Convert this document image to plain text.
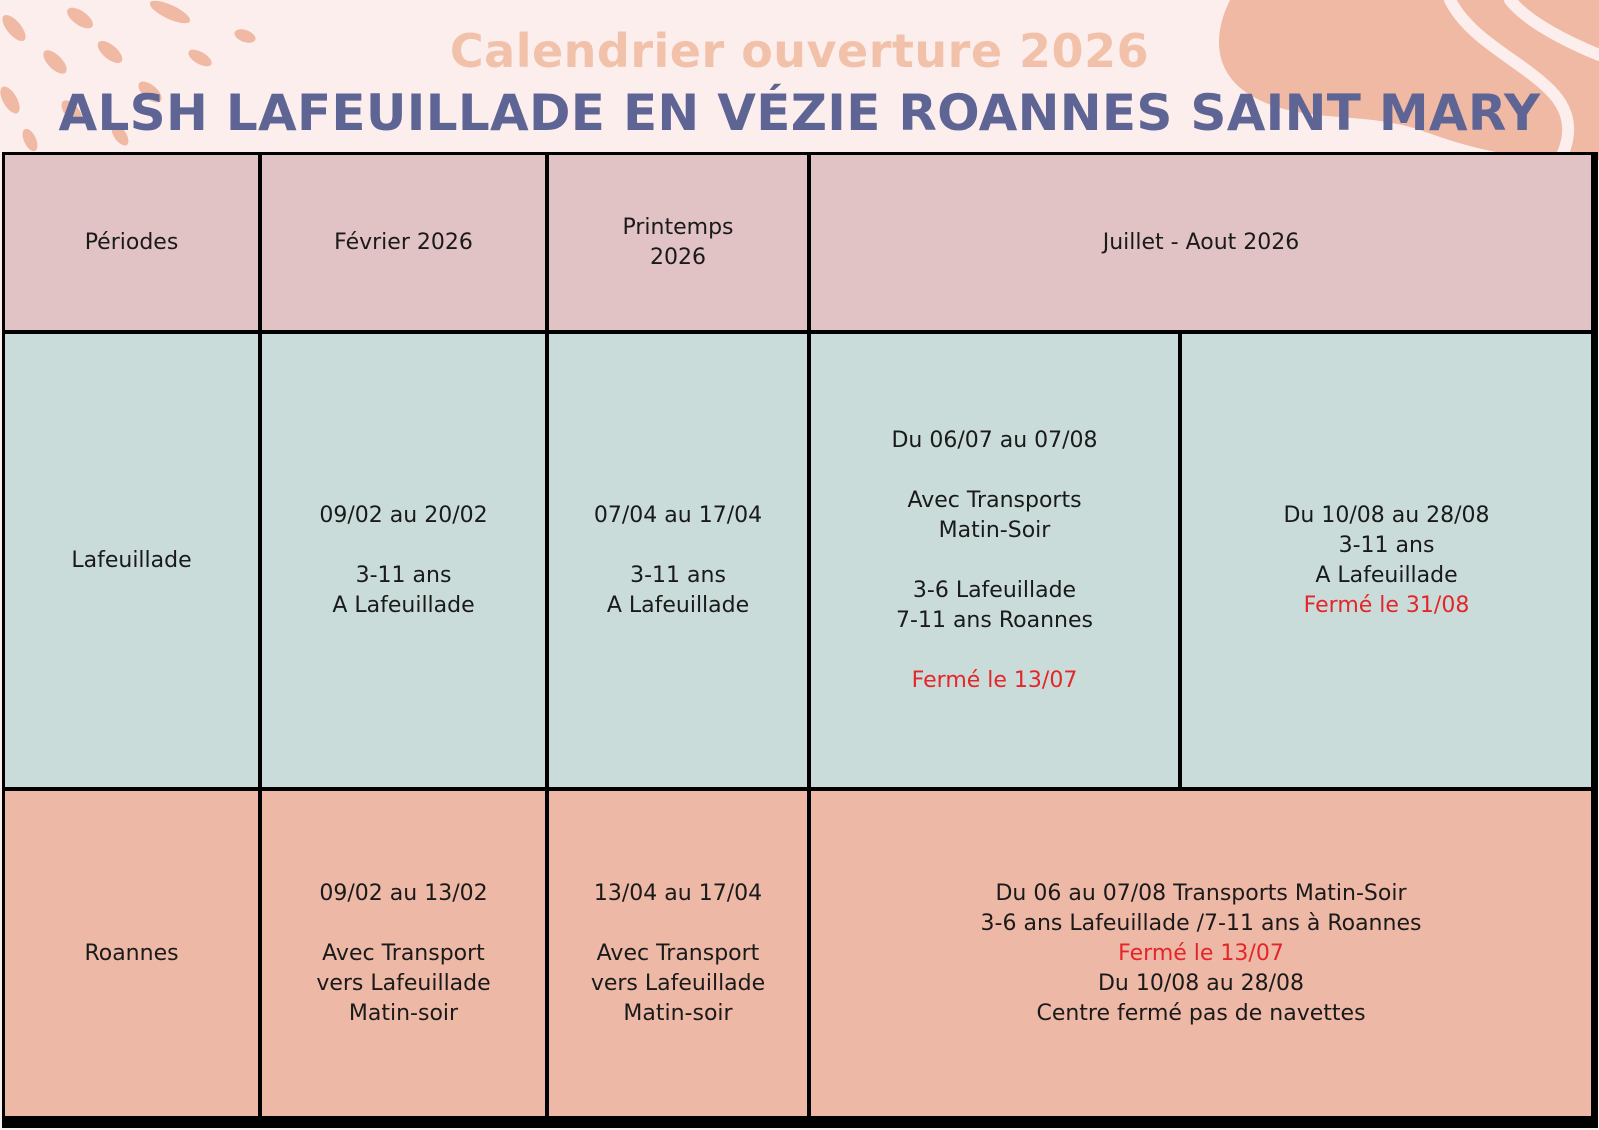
Calendrier ouverture 2026
ALSH LAFEUILLADE EN VÉZIE ROANNES SAINT MARY
Périodes	Février 2026
Printemps
2026
Juillet - Aout 2026
Lafeuillade
09/02 au 20/02
3-11 ans
A Lafeuillade
07/04 au 17/04
3-11 ans
A Lafeuillade
Du 06/07 au 07/08
Avec Transports
Matin-Soir
3-6 Lafeuillade
7-11 ans Roannes
Fermé le 13/07
Du 10/08 au 28/08
3-11 ans
A Lafeuillade
Fermé le 31/08
Roannes
09/02 au 13/02
Avec Transport
vers Lafeuillade
Matin-soir
13/04 au 17/04
Avec Transport
vers Lafeuillade
Matin-soir
Du 06 au 07/08 Transports Matin-Soir
3-6 ans Lafeuillade /7-11 ans à Roannes
Fermé le 13/07
Du 10/08 au 28/08
Centre fermé pas de navettes
